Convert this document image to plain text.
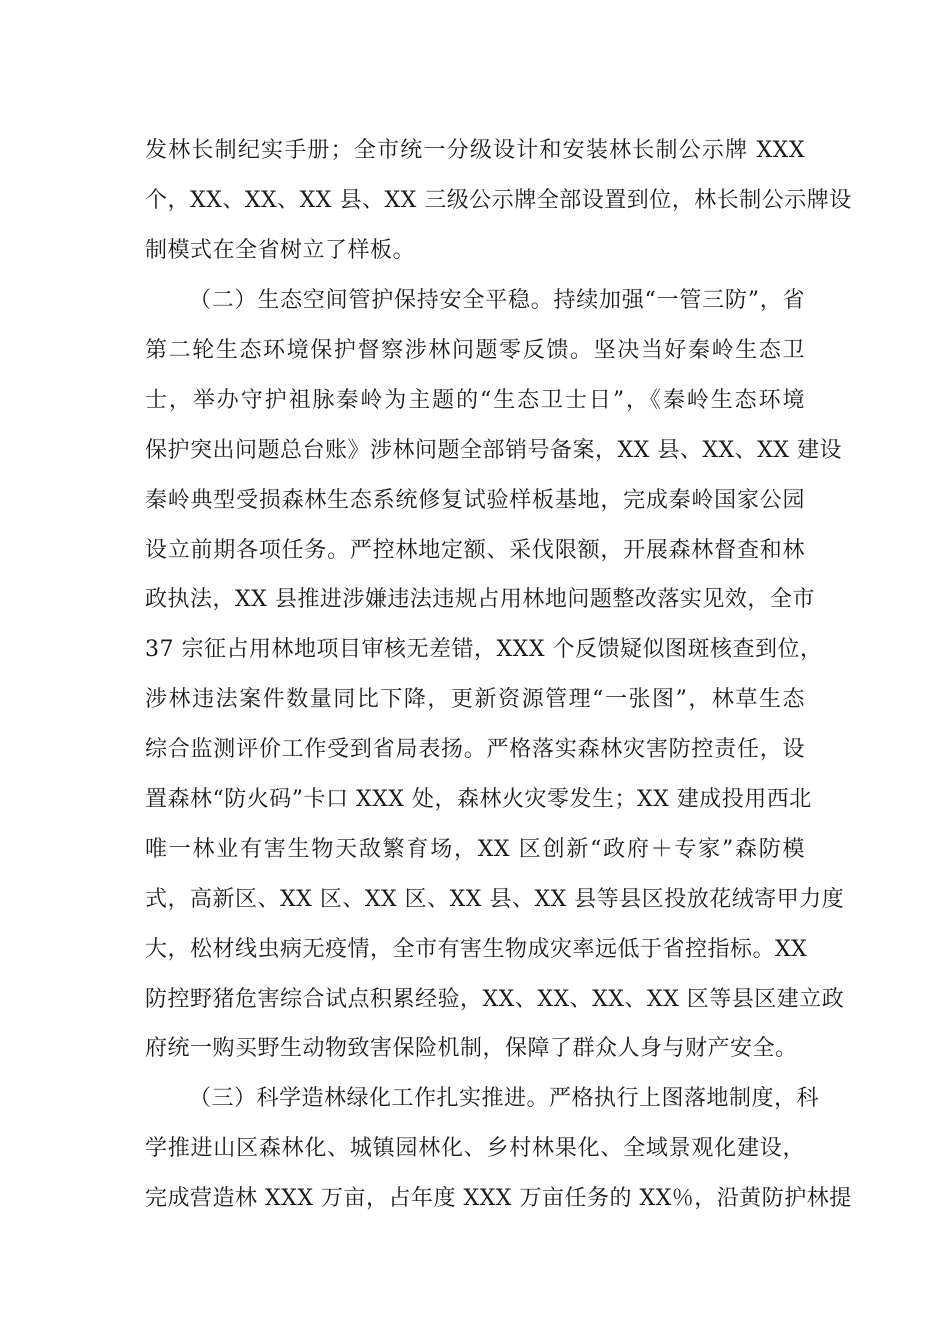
发林长制纪实手册；全市统一分级设计和安装林长制公示牌 XXX
个，XX、XX、XX 县、XX 三级公示牌全部设置到位，林长制公示牌设
制模式在全省树立了样板。
（二）生态空间管护保持安全平稳。持续加强“一管三防”，省
第二轮生态环境保护督察涉林问题零反馈。坚决当好秦岭生态卫
士，举办守护祖脉秦岭为主题的“生态卫士日”，《秦岭生态环境
保护突出问题总台账》涉林问题全部销号备案，XX 县、XX、XX 建设
秦岭典型受损森林生态系统修复试验样板基地，完成秦岭国家公园
设立前期各项任务。严控林地定额、采伐限额，开展森林督查和林
政执法，XX 县推进涉嫌违法违规占用林地问题整改落实见效，全市
37 宗征占用林地项目审核无差错，XXX 个反馈疑似图斑核查到位，
涉林违法案件数量同比下降，更新资源管理“一张图”，林草生态
综合监测评价工作受到省局表扬。严格落实森林灾害防控责任，设
置森林“防火码”卡口 XXX 处，森林火灾零发生；XX 建成投用西北
唯一林业有害生物天敌繁育场，XX 区创新“政府＋专家”森防模
式，高新区、XX 区、XX 区、XX 县、XX 县等县区投放花绒寄甲力度
大，松材线虫病无疫情，全市有害生物成灾率远低于省控指标。XX
防控野猪危害综合试点积累经验，XX、XX、XX、XX 区等县区建立政
府统一购买野生动物致害保险机制，保障了群众人身与财产安全。
（三）科学造林绿化工作扎实推进。严格执行上图落地制度，科
学推进山区森林化、城镇园林化、乡村林果化、全域景观化建设，
完成营造林 XXX 万亩，占年度 XXX 万亩任务的 XX％，沿黄防护林提
